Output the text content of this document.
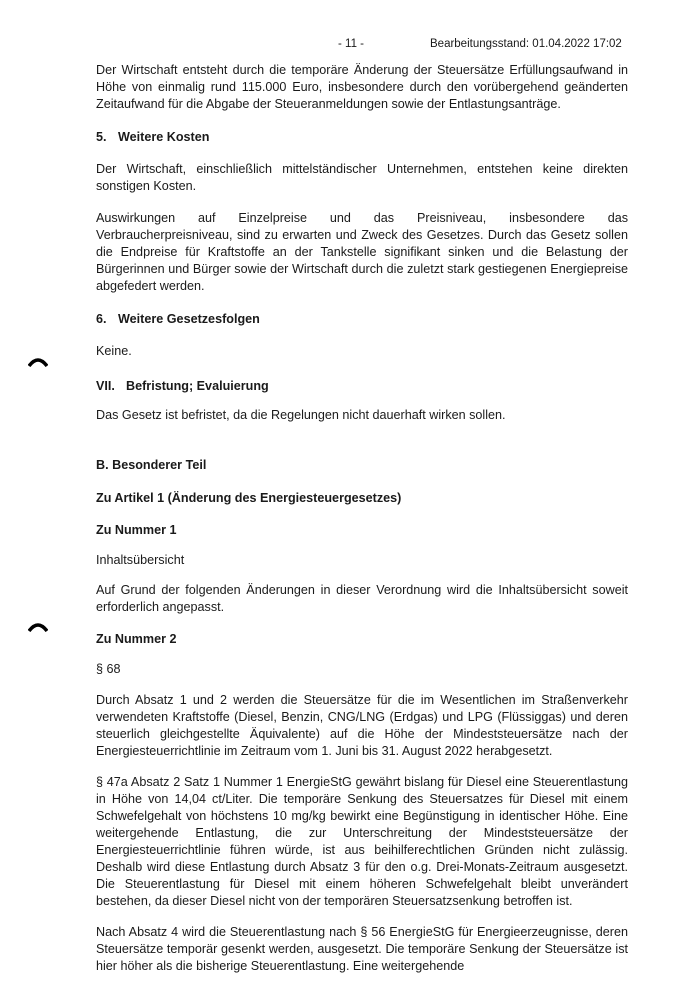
- 11 -	Bearbeitungsstand: 01.04.2022 17:02

Der Wirtschaft entsteht durch die temporäre Änderung der Steuersätze Erfüllungsaufwand in Höhe von einmalig rund 115.000 Euro, insbesondere durch den vorübergehend geänderten Zeitaufwand für die Abgabe der Steueranmeldungen sowie der Entlastungsanträge.

5. Weitere Kosten

Der Wirtschaft, einschließlich mittelständischer Unternehmen, entstehen keine direkten sonstigen Kosten.

Auswirkungen auf Einzelpreise und das Preisniveau, insbesondere das Verbraucherpreisniveau, sind zu erwarten und Zweck des Gesetzes. Durch das Gesetz sollen die Endpreise für Kraftstoffe an der Tankstelle signifikant sinken und die Belastung der Bürgerinnen und Bürger sowie der Wirtschaft durch die zuletzt stark gestiegenen Energiepreise abgefedert werden.

6. Weitere Gesetzesfolgen

Keine.

VII. Befristung; Evaluierung

Das Gesetz ist befristet, da die Regelungen nicht dauerhaft wirken sollen.

B. Besonderer Teil
Zu Artikel 1 (Änderung des Energiesteuergesetzes)
Zu Nummer 1

Inhaltsübersicht

Auf Grund der folgenden Änderungen in dieser Verordnung wird die Inhaltsübersicht soweit erforderlich angepasst.

Zu Nummer 2

§ 68

Durch Absatz 1 und 2 werden die Steuersätze für die im Wesentlichen im Straßenverkehr verwendeten Kraftstoffe (Diesel, Benzin, CNG/LNG (Erdgas) und LPG (Flüssiggas) und deren steuerlich gleichgestellte Äquivalente) auf die Höhe der Mindeststeuersätze nach der Energiesteuerrichtlinie im Zeitraum vom 1. Juni bis 31. August 2022 herabgesetzt.

§ 47a Absatz 2 Satz 1 Nummer 1 EnergieStG gewährt bislang für Diesel eine Steuerentlastung in Höhe von 14,04 ct/Liter. Die temporäre Senkung des Steuersatzes für Diesel mit einem Schwefelgehalt von höchstens 10 mg/kg bewirkt eine Begünstigung in identischer Höhe. Eine weitergehende Entlastung, die zur Unterschreitung der Mindeststeuersätze der Energiesteuerrichtlinie führen würde, ist aus beihilferechtlichen Gründen nicht zulässig. Deshalb wird diese Entlastung durch Absatz 3 für den o.g. Drei-Monats-Zeitraum ausgesetzt. Die Steuerentlastung für Diesel mit einem höheren Schwefelgehalt bleibt unverändert bestehen, da dieser Diesel nicht von der temporären Steuersatzsenkung betroffen ist.

Nach Absatz 4 wird die Steuerentlastung nach § 56 EnergieStG für Energieerzeugnisse, deren Steuersätze temporär gesenkt werden, ausgesetzt. Die temporäre Senkung der Steuersätze ist hier höher als die bisherige Steuerentlastung. Eine weitergehende
